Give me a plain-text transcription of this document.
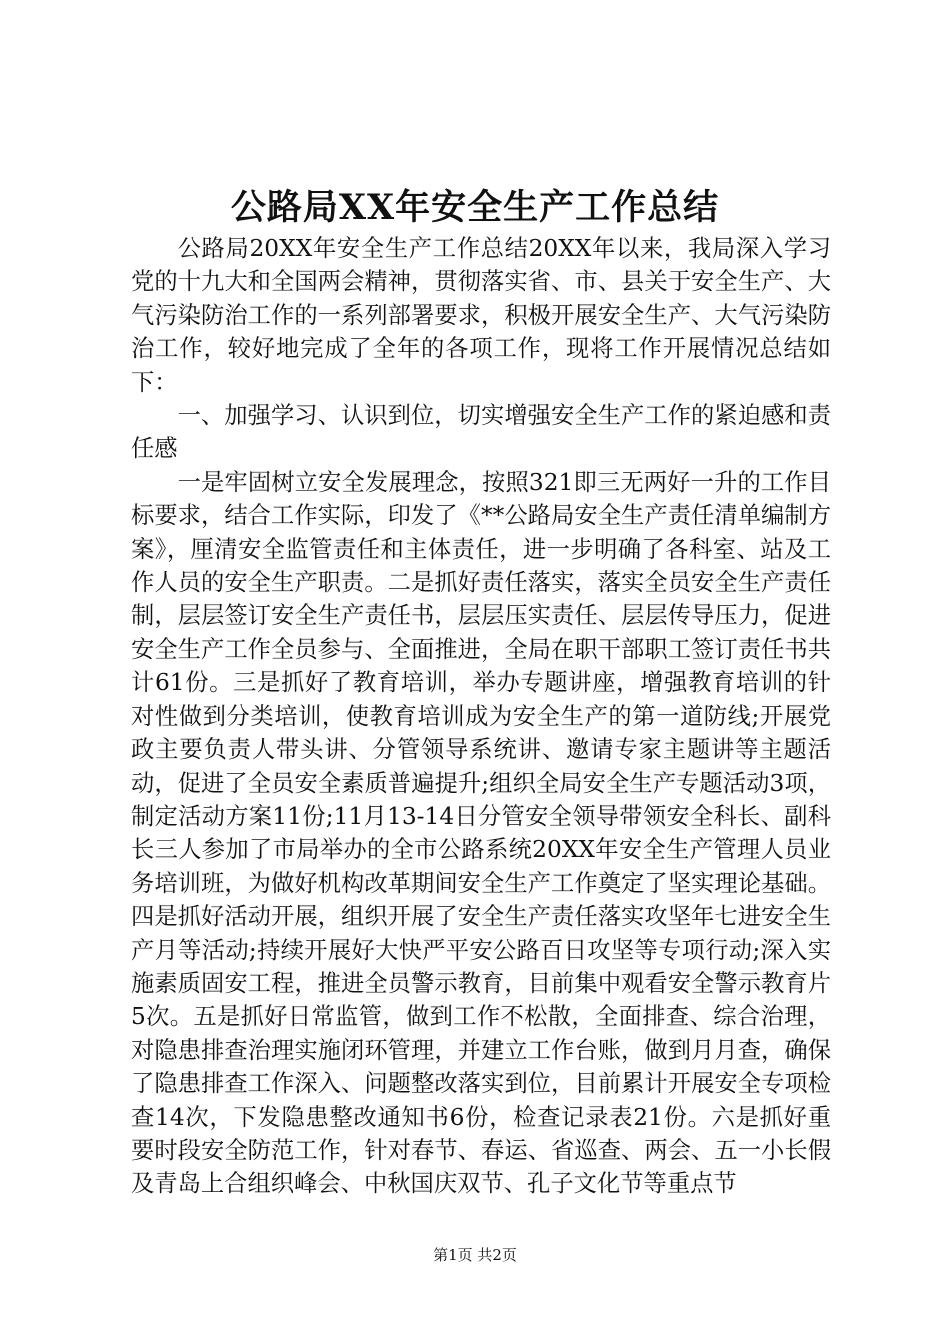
公路局XX年安全生产工作总结

公路局20XX年安全生产工作总结20XX年以来，我局深入学习党的十九大和全国两会精神，贯彻落实省、市、县关于安全生产、大气污染防治工作的一系列部署要求，积极开展安全生产、大气污染防治工作，较好地完成了全年的各项工作，现将工作开展情况总结如下：

一、加强学习、认识到位，切实增强安全生产工作的紧迫感和责任感

一是牢固树立安全发展理念，按照321即三无两好一升的工作目标要求，结合工作实际，印发了《**公路局安全生产责任清单编制方案》，厘清安全监管责任和主体责任，进一步明确了各科室、站及工作人员的安全生产职责。二是抓好责任落实，落实全员安全生产责任制，层层签订安全生产责任书，层层压实责任、层层传导压力，促进安全生产工作全员参与、全面推进，全局在职干部职工签订责任书共计61份。三是抓好了教育培训，举办专题讲座，增强教育培训的针对性做到分类培训，使教育培训成为安全生产的第一道防线;开展党政主要负责人带头讲、分管领导系统讲、邀请专家主题讲等主题活动，促进了全员安全素质普遍提升;组织全局安全生产专题活动3项，制定活动方案11份;11月13-14日分管安全领导带领安全科长、副科长三人参加了市局举办的全市公路系统20XX年安全生产管理人员业务培训班，为做好机构改革期间安全生产工作奠定了坚实理论基础。四是抓好活动开展，组织开展了安全生产责任落实攻坚年七进安全生产月等活动;持续开展好大快严平安公路百日攻坚等专项行动;深入实施素质固安工程，推进全员警示教育，目前集中观看安全警示教育片5次。五是抓好日常监管，做到工作不松散，全面排查、综合治理，对隐患排查治理实施闭环管理，并建立工作台账，做到月月查，确保了隐患排查工作深入、问题整改落实到位，目前累计开展安全专项检查14次，下发隐患整改通知书6份，检查记录表21份。六是抓好重要时段安全防范工作，针对春节、春运、省巡查、两会、五一小长假及青岛上合组织峰会、中秋国庆双节、孔子文化节等重点节

第1页 共2页
